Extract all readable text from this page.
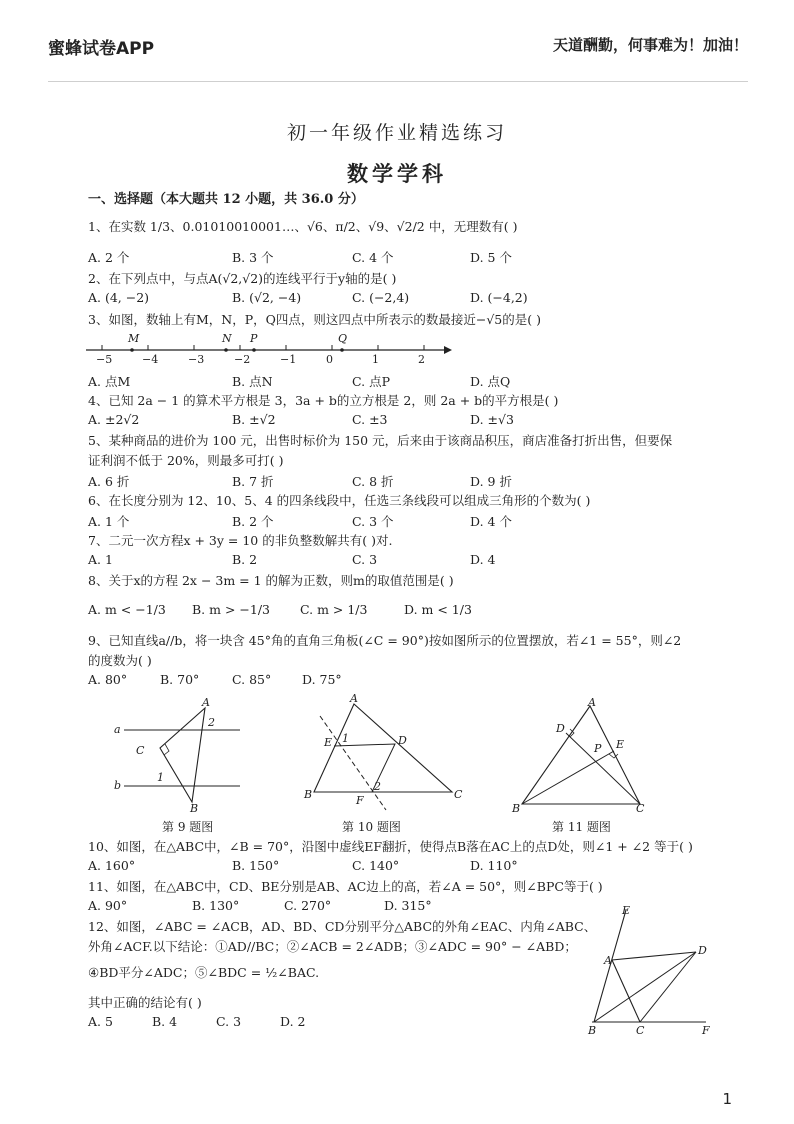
蜜蜂试卷APP	天道酬勤，何事难为！加油！
初一年级作业精选练习
数学学科
一、选择题（本大题共 12 小题，共 36.0 分）
1、在实数 1/3、0.01010010001…、√6、π/2、√9、√2/2 中，无理数有( )
A. 2 个	B. 3 个	C. 4 个	D. 5 个
2、在下列点中，与点A(√2,√2)的连线平行于y轴的是( )
A. (4, −2)	B. (√2, −4)	C. (−2,4)	D. (−4,2)
3、如图，数轴上有M，N，P，Q四点，则这四点中所表示的数最接近−√5的是( )
−5	−4	−3	−2	−1	0	1	2
M	N P	Q
A. 点M	B. 点N	C. 点P	D. 点Q
4、已知 2a − 1 的算术平方根是 3，3a + b的立方根是 2，则 2a + b的平方根是( )
A. ±2√2	B. ±√2	C. ±3	D. ±√3
5、某种商品的进价为 100 元，出售时标价为 150 元，后来由于该商品积压，商店准备打折出售，但要保
证利润不低于 20%，则最多可打( )
A. 6 折	B. 7 折	C. 8 折	D. 9 折
6、在长度分别为 12、10、5、4 的四条线段中，任选三条线段可以组成三角形的个数为( )
A. 1 个	B. 2 个	C. 3 个	D. 4 个
7、二元一次方程x + 3y = 10 的非负整数解共有( )对.
A. 1	B. 2	C. 3	D. 4
8、关于x的方程 2x − 3m = 1 的解为正数，则m的取值范围是( )
A. m < −1/3 B. m > −1/3 C. m > 1/3	D. m < 1/3
9、已知直线a//b，将一块含 45°角的直角三角板(∠C = 90°)按如图所示的位置摆放，若∠1 = 55°，则∠2
的度数为( )
A. 80°	B. 70°	C. 85° D. 75°
a
b
A
B
C
1
2
第 9 题图
A
B	C
D
E
F
1
2
第 10 题图
A
B	C
D
E
P
第 11 题图
10、如图，在△ABC中，∠B = 70°，沿图中虚线EF翻折，使得点B落在AC上的点D处，则∠1 + ∠2 等于( )
A. 160°	B. 150°	C. 140°	D. 110°
11、如图，在△ABC中，CD、BE分别是AB、AC边上的高，若∠A = 50°，则∠BPC等于( )
A. 90°	B. 130°	C. 270°	D. 315°
12、如图，∠ABC = ∠ACB，AD、BD、CD分别平分△ABC的外角∠EAC、内角∠ABC、
外角∠ACF.以下结论：①AD//BC；②∠ACB = 2∠ADB；③∠ADC = 90° − ∠ABD；
④BD平分∠ADC；⑤∠BDC = ½∠BAC.
其中正确的结论有( )
A. 5	B. 4	C. 3	D. 2
E
A
D
B	C	F
1
